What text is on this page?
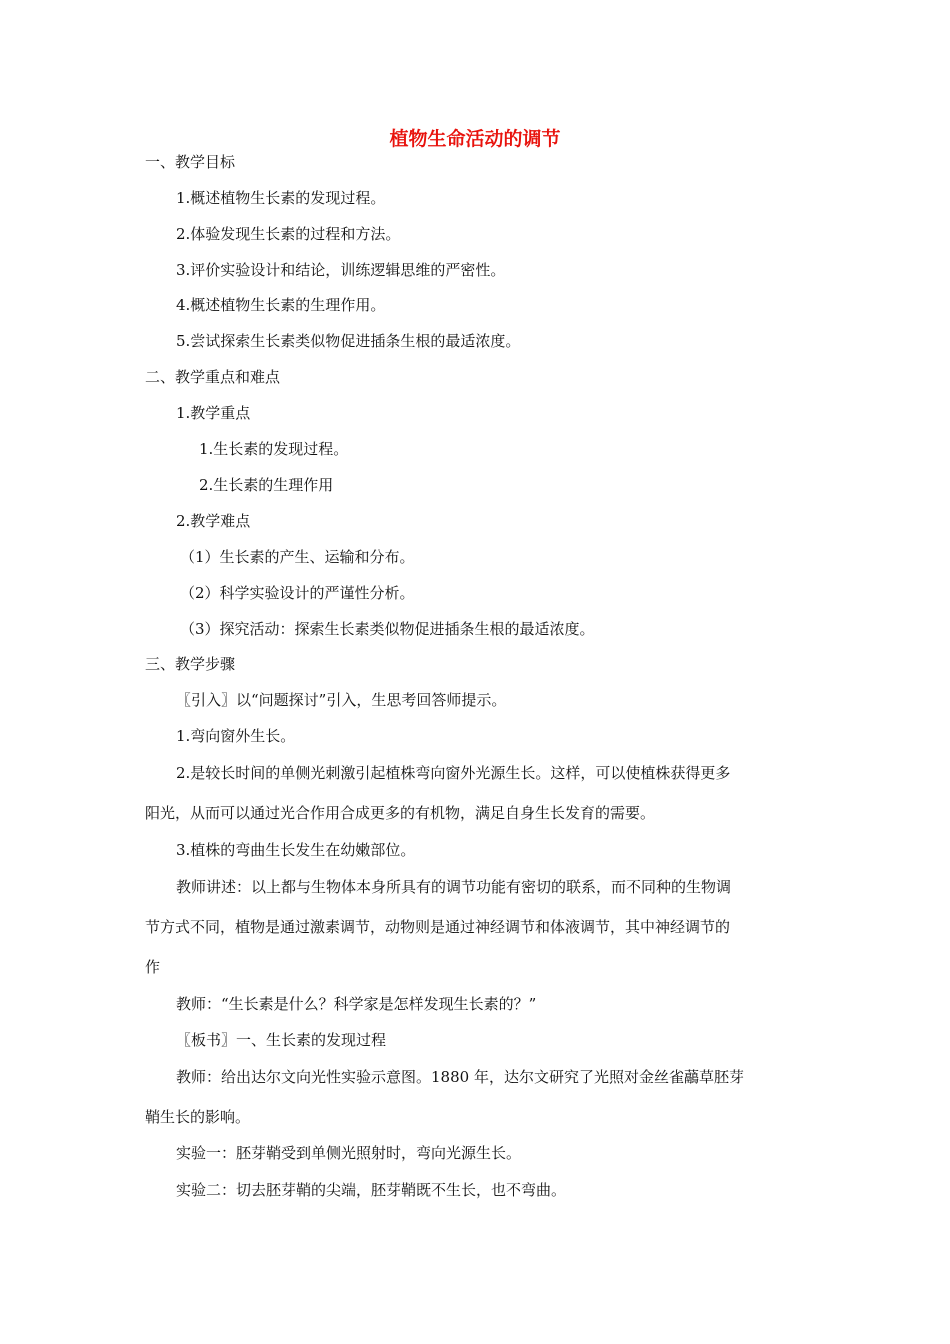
植物生命活动的调节
一、教学目标
1.概述植物生长素的发现过程。
2.体验发现生长素的过程和方法。
3.评价实验设计和结论，训练逻辑思维的严密性。
4.概述植物生长素的生理作用。
5.尝试探索生长素类似物促进插条生根的最适浓度。
二、教学重点和难点
1.教学重点
1.生长素的发现过程。
2.生长素的生理作用
2.教学难点
（1）生长素的产生、运输和分布。
（2）科学实验设计的严谨性分析。
（3）探究活动：探索生长素类似物促进插条生根的最适浓度。
三、教学步骤
〖引入〗以“问题探讨”引入，生思考回答师提示。
1.弯向窗外生长。
2.是较长时间的单侧光刺激引起植株弯向窗外光源生长。这样，可以使植株获得更多
阳光，从而可以通过光合作用合成更多的有机物，满足自身生长发育的需要。
3.植株的弯曲生长发生在幼嫩部位。
教师讲述：以上都与生物体本身所具有的调节功能有密切的联系，而不同种的生物调
节方式不同，植物是通过激素调节，动物则是通过神经调节和体液调节，其中神经调节的
作
教师：“生长素是什么？科学家是怎样发现生长素的？”
〖板书〗一、生长素的发现过程
教师：给出达尔文向光性实验示意图。1880 年，达尔文研究了光照对金丝雀虉草胚芽
鞘生长的影响。
实验一：胚芽鞘受到单侧光照射时，弯向光源生长。
实验二：切去胚芽鞘的尖端，胚芽鞘既不生长，也不弯曲。
